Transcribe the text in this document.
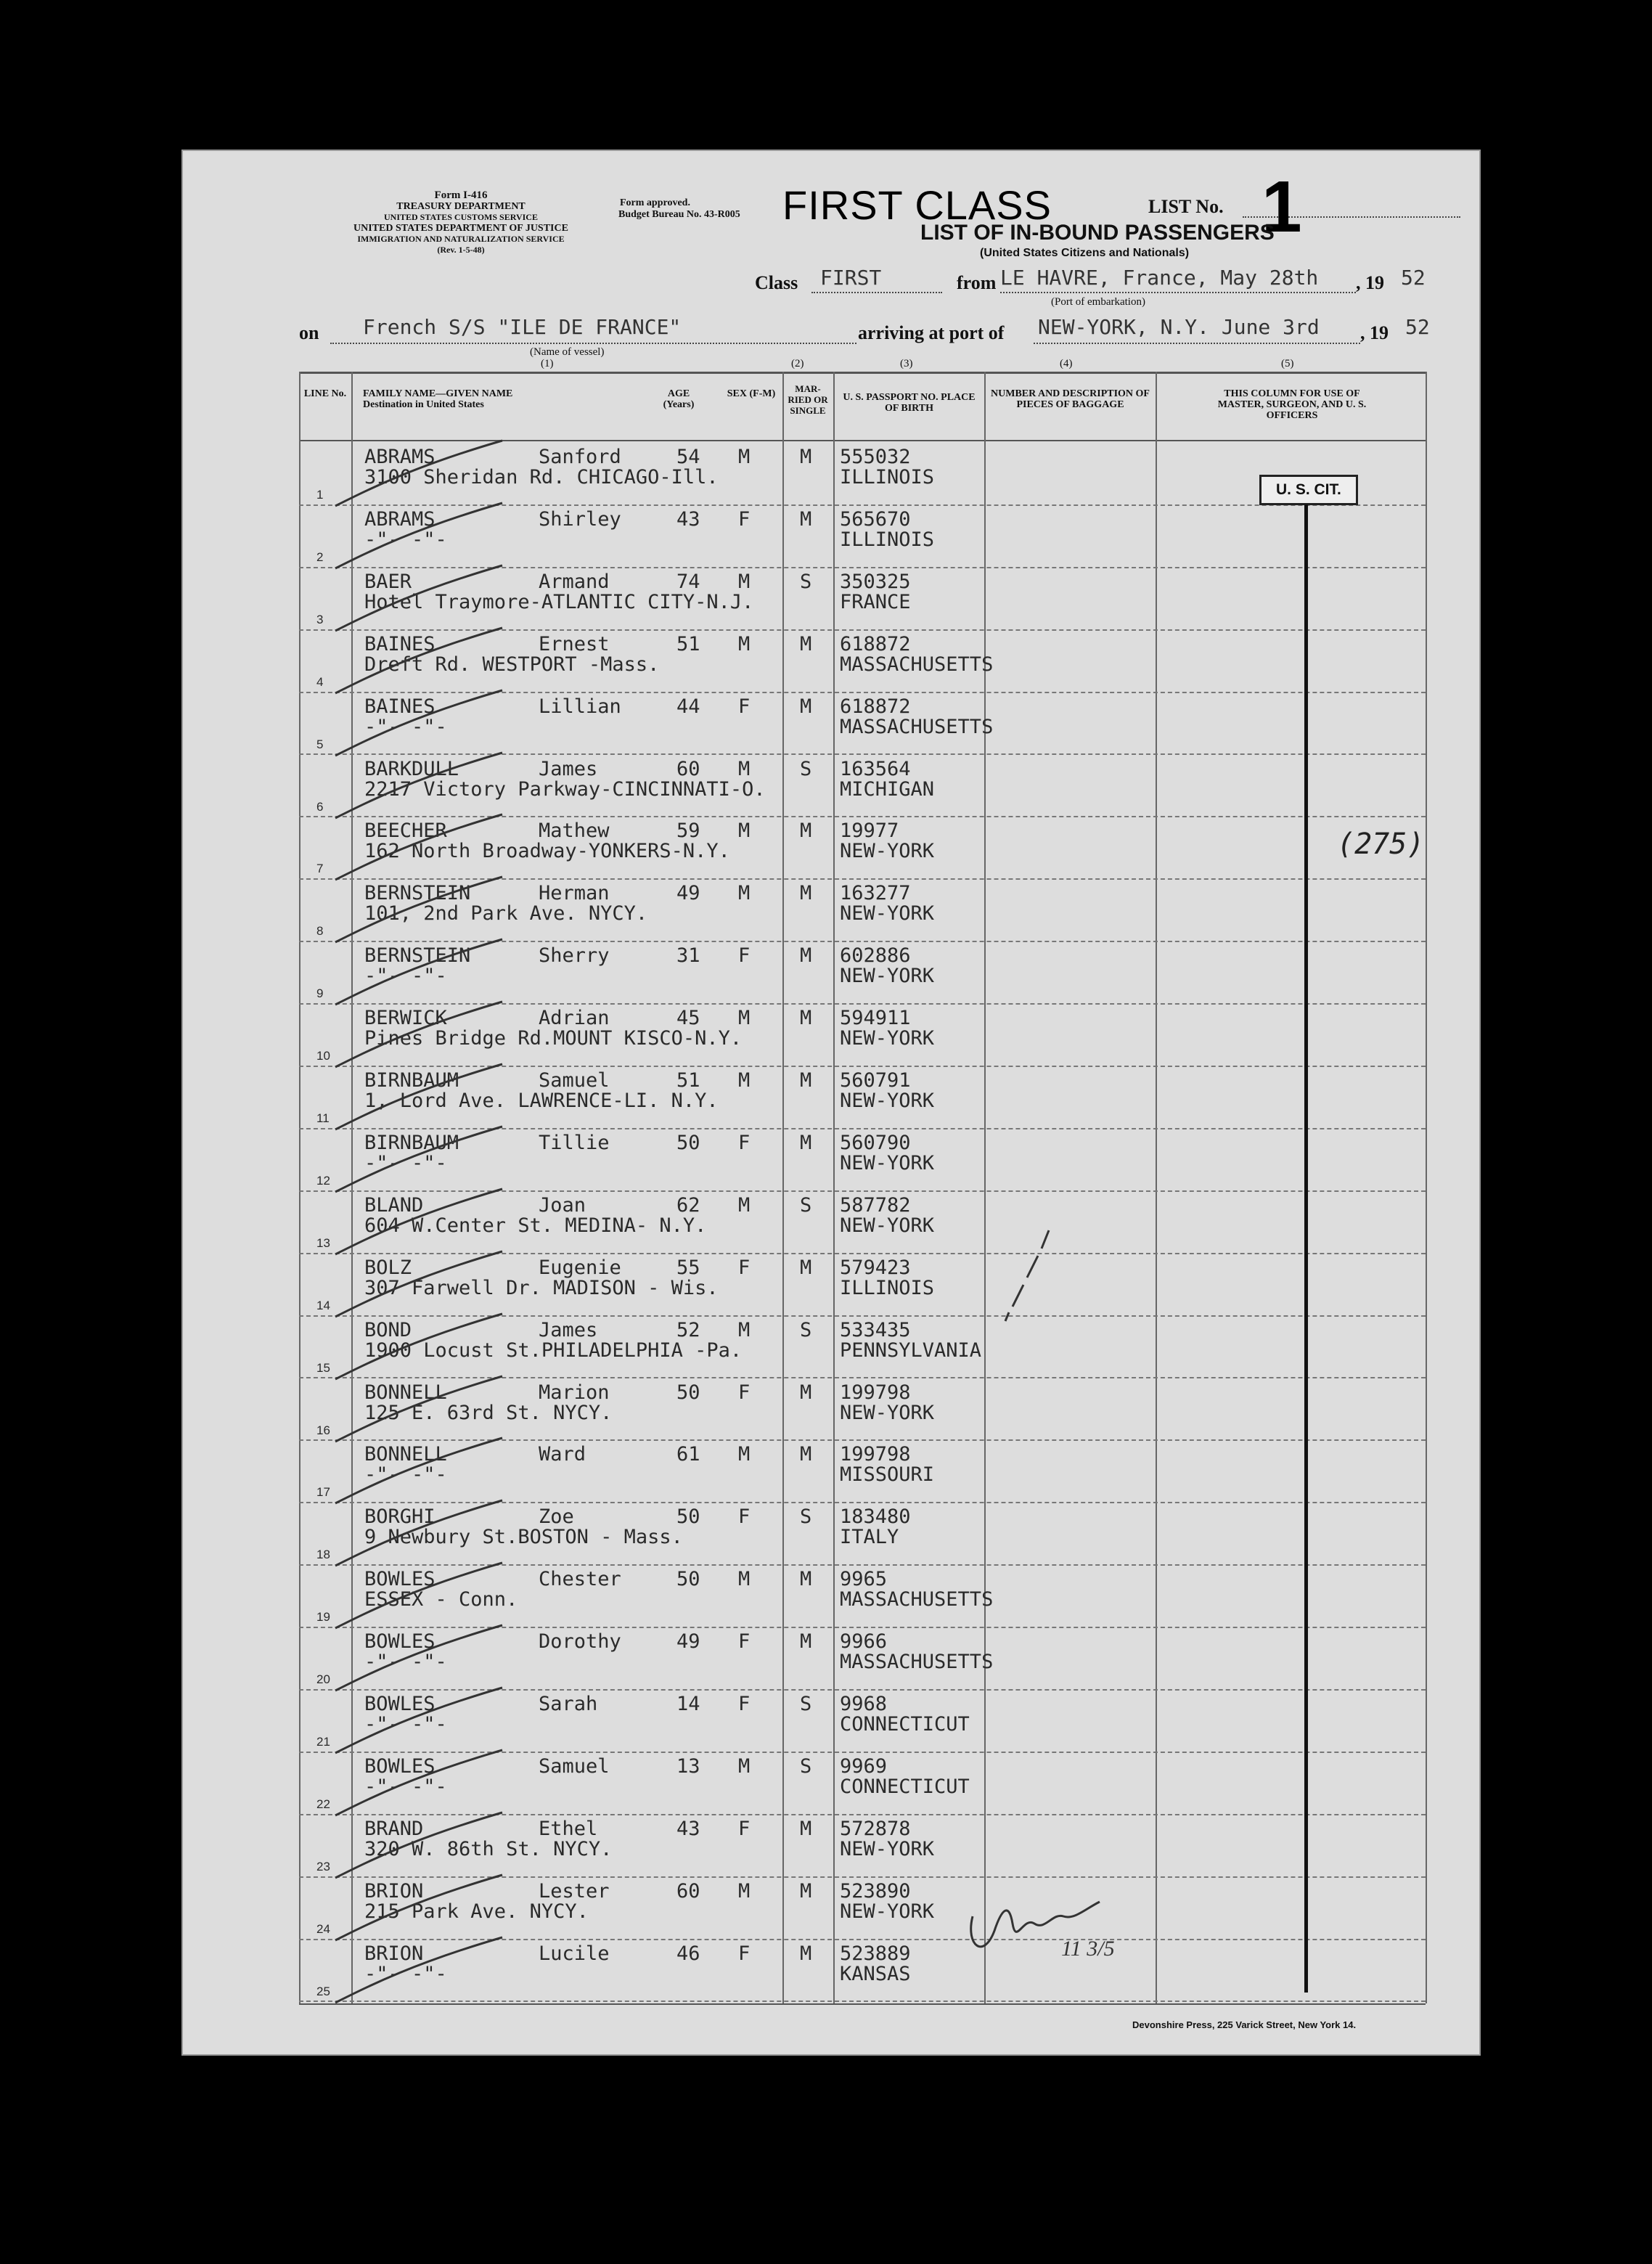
Form I-416
TREASURY DEPARTMENT
UNITED STATES CUSTOMS SERVICE
UNITED STATES DEPARTMENT OF JUSTICE
IMMIGRATION AND NATURALIZATION SERVICE
(Rev. 1-5-48)
Form approved.
Budget Bureau No. 43-R005 FIRST CLASS	LIST No. 1
LIST OF IN-BOUND PASSENGERS
(United States Citizens and Nationals)
Class FIRST	from LE HAVRE, France, May 28th , 19 52
(Port of embarkation)
on French S/S "ILE DE FRANCE"	arriving at port of NEW-YORK, N.Y. June 3rd , 19 52
(Name of vessel)
(1)	(2)	(3)	(4)	(5)
LINE No. FAMILY NAME—GIVEN NAME Destination in United States
AGE (Years)
SEX (F-M)	MAR-RIED OR SINGLE
U. S. PASSPORT NO. PLACE OF BIRTH
NUMBER AND DESCRIPTION OF PIECES OF BAGGAGE
THIS COLUMN FOR USE OF MASTER, SURGEON, AND U. S. OFFICERS
1
ABRAMS	Sanford	54 M	M 555032
3100 Sheridan Rd. CHICAGO-Ill.	ILLINOIS
2
ABRAMS	Shirley	43 F	M 565670
-"- -"-	ILLINOIS
3
BAER	Armand	74 M	S 350325
Hotel Traymore-ATLANTIC CITY-N.J.	FRANCE
4
BAINES	Ernest	51 M	M 618872
Dreft Rd. WESTPORT -Mass.	MASSACHUSETTS
5
BAINES	Lillian	44 F	M 618872
-"- -"-	MASSACHUSETTS
6
BARKDULL	James	60 M	S 163564
2217 Victory Parkway-CINCINNATI-O.	MICHIGAN
7
BEECHER	Mathew	59 M	M 19977
162 North Broadway-YONKERS-N.Y.	NEW-YORK
8
BERNSTEIN	Herman	49 M	M 163277
101, 2nd Park Ave. NYCY.	NEW-YORK
9
BERNSTEIN	Sherry	31 F	M 602886
-"- -"-	NEW-YORK
10
BERWICK	Adrian	45 M	M 594911
Pines Bridge Rd.MOUNT KISCO-N.Y.	NEW-YORK
11
BIRNBAUM	Samuel	51 M	M 560791
1, Lord Ave. LAWRENCE-LI. N.Y.	NEW-YORK
12
BIRNBAUM	Tillie	50 F	M 560790
-"- -"-	NEW-YORK
13
BLAND	Joan	62 M	S 587782
604 W.Center St. MEDINA- N.Y.	NEW-YORK
14
BOLZ	Eugenie	55 F	M 579423
307 Farwell Dr. MADISON - Wis.	ILLINOIS
15
BOND	James	52 M	S 533435
1900 Locust St.PHILADELPHIA -Pa.	PENNSYLVANIA
16
BONNELL	Marion	50 F	M 199798
125 E. 63rd St. NYCY.	NEW-YORK
17
BONNELL	Ward	61 M	M 199798
-"- -"-	MISSOURI
18
BORGHI	Zoe	50 F	S 183480
9 Newbury St.BOSTON - Mass.	ITALY
19
BOWLES	Chester	50 M	M 9965
ESSEX - Conn.	MASSACHUSETTS
20
BOWLES	Dorothy	49 F	M 9966
-"- -"-	MASSACHUSETTS
21
BOWLES	Sarah	14 F	S 9968
-"- -"-	CONNECTICUT
22
BOWLES	Samuel	13 M	S 9969
-"- -"-	CONNECTICUT
23
BRAND	Ethel	43 F	M 572878
320 W. 86th St. NYCY.	NEW-YORK
24
BRION	Lester	60 M	M 523890
215 Park Ave. NYCY.	NEW-YORK
25
BRION	Lucile	46 F	M 523889
-"- -"-	KANSAS
U. S. CIT.
(275)
11 3/5
Devonshire Press, 225 Varick Street, New York 14.
